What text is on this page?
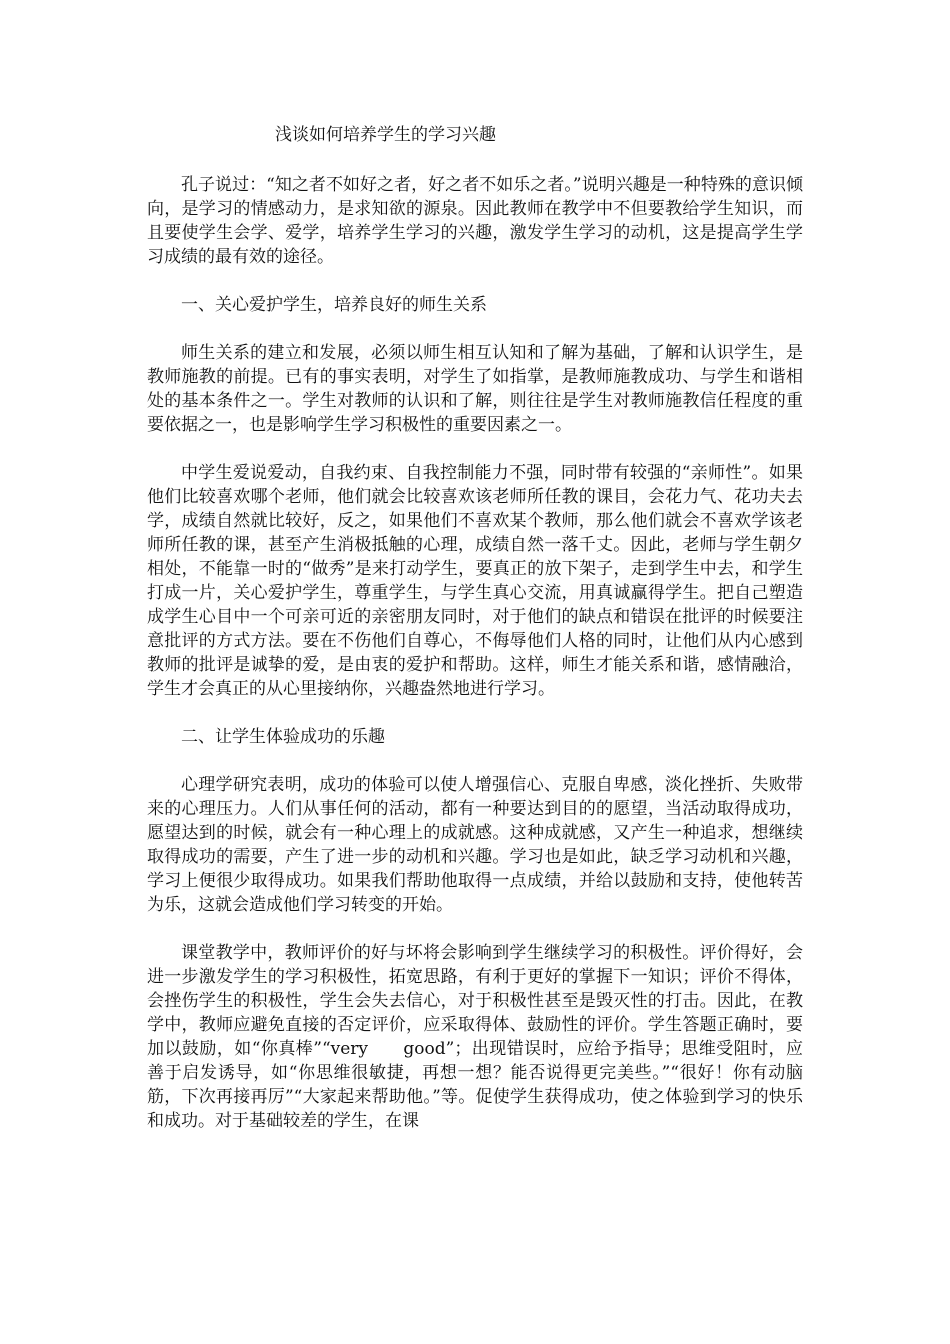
浅谈如何培养学生的学习兴趣

孔子说过：“知之者不如好之者，好之者不如乐之者。”说明兴趣是一种特殊的意识倾向，是学习的情感动力，是求知欲的源泉。因此教师在教学中不但要教给学生知识，而且要使学生会学、爱学，培养学生学习的兴趣，激发学生学习的动机，这是提高学生学习成绩的最有效的途径。

一、关心爱护学生，培养良好的师生关系

师生关系的建立和发展，必须以师生相互认知和了解为基础，了解和认识学生，是教师施教的前提。已有的事实表明，对学生了如指掌，是教师施教成功、与学生和谐相处的基本条件之一。学生对教师的认识和了解，则往往是学生对教师施教信任程度的重要依据之一，也是影响学生学习积极性的重要因素之一。

中学生爱说爱动，自我约束、自我控制能力不强，同时带有较强的“亲师性”。如果他们比较喜欢哪个老师，他们就会比较喜欢该老师所任教的课目，会花力气、花功夫去学，成绩自然就比较好，反之，如果他们不喜欢某个教师，那么他们就会不喜欢学该老师所任教的课，甚至产生消极抵触的心理，成绩自然一落千丈。因此，老师与学生朝夕相处，不能靠一时的“做秀”是来打动学生，要真正的放下架子，走到学生中去，和学生打成一片，关心爱护学生，尊重学生，与学生真心交流，用真诚赢得学生。把自己塑造成学生心目中一个可亲可近的亲密朋友同时，对于他们的缺点和错误在批评的时候要注意批评的方式方法。要在不伤他们自尊心，不侮辱他们人格的同时，让他们从内心感到教师的批评是诚挚的爱，是由衷的爱护和帮助。这样，师生才能关系和谐，感情融洽，学生才会真正的从心里接纳你，兴趣盎然地进行学习。

二、让学生体验成功的乐趣

心理学研究表明，成功的体验可以使人增强信心、克服自卑感，淡化挫折、失败带来的心理压力。人们从事任何的活动，都有一种要达到目的的愿望，当活动取得成功，愿望达到的时候，就会有一种心理上的成就感。这种成就感，又产生一种追求，想继续取得成功的需要，产生了进一步的动机和兴趣。学习也是如此，缺乏学习动机和兴趣，学习上便很少取得成功。如果我们帮助他取得一点成绩，并给以鼓励和支持，使他转苦为乐，这就会造成他们学习转变的开始。

课堂教学中，教师评价的好与坏将会影响到学生继续学习的积极性。评价得好，会进一步激发学生的学习积极性，拓宽思路，有利于更好的掌握下一知识；评价不得体，会挫伤学生的积极性，学生会失去信心，对于积极性甚至是毁灭性的打击。因此，在教学中，教师应避免直接的否定评价，应采取得体、鼓励性的评价。学生答题正确时，要加以鼓励，如“你真棒”“very　　good”；出现错误时，应给予指导；思维受阻时，应善于启发诱导，如“你思维很敏捷，再想一想？能否说得更完美些。”“很好！你有动脑筋，下次再接再厉”“大家起来帮助他。”等。促使学生获得成功，使之体验到学习的快乐和成功。对于基础较差的学生，在课
